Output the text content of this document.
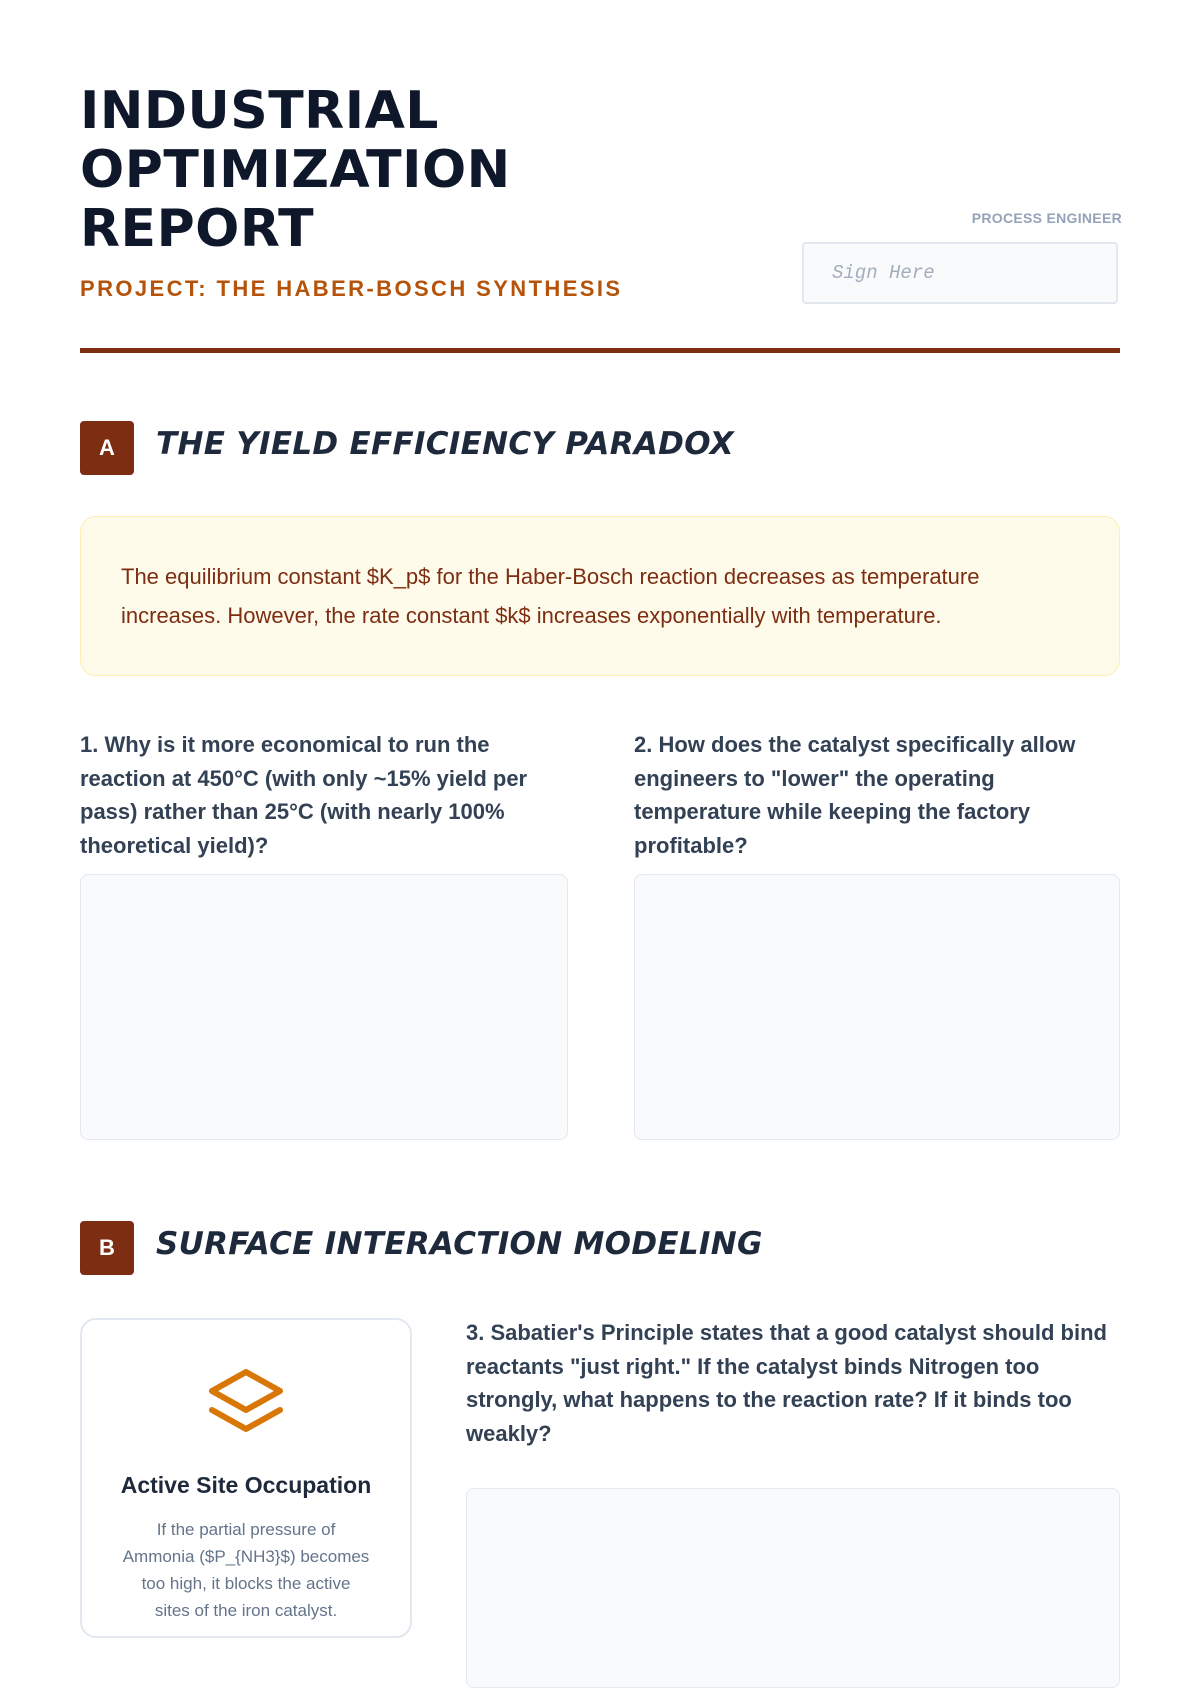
INDUSTRIAL
OPTIMIZATION
REPORT
PROJECT: THE HABER-BOSCH SYNTHESIS
PROCESS ENGINEER
Sign Here
A	THE YIELD EFFICIENCY PARADOX

The equilibrium constant $K_p$ for the Haber-Bosch reaction decreases as temperature increases. However, the rate constant $k$ increases exponentially with temperature.

1. Why is it more economical to run the reaction at 450°C (with only ~15% yield per pass) rather than 25°C (with nearly 100% theoretical yield)?

2. How does the catalyst specifically allow engineers to "lower" the operating temperature while keeping the factory profitable?

B	SURFACE INTERACTION MODELING
Active Site Occupation

If the partial pressure of Ammonia ($P_{NH3}$) becomes too high, it blocks the active sites of the iron catalyst.

3. Sabatier's Principle states that a good catalyst should bind reactants "just right." If the catalyst binds Nitrogen too strongly, what happens to the reaction rate? If it binds too weakly?
